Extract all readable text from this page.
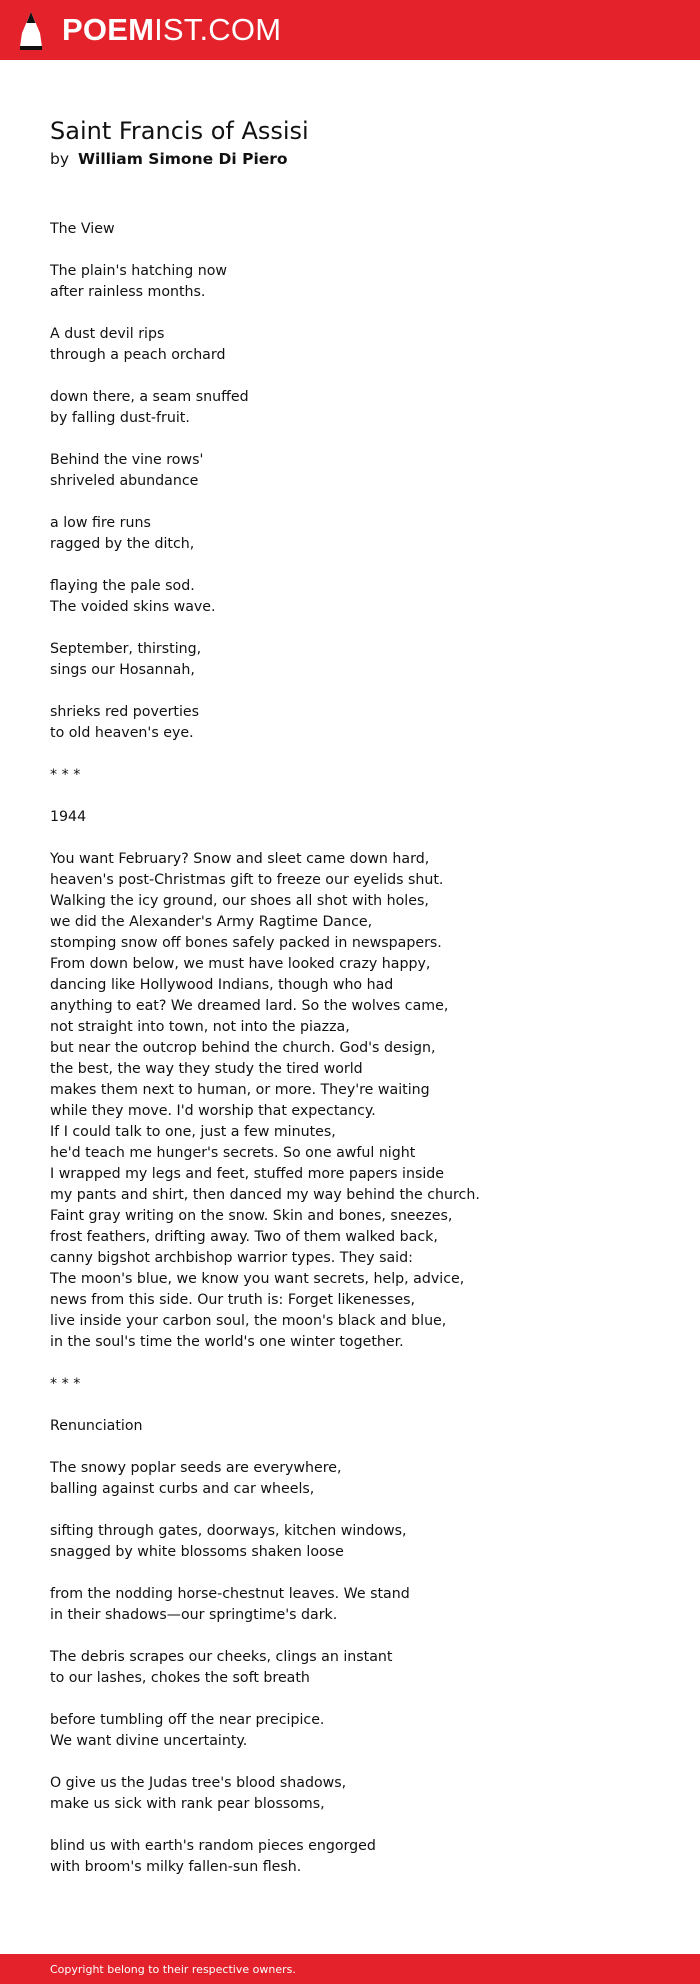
POEMIST.COM
Saint Francis of Assisi
by William Simone Di Piero
The View
The plain's hatching now
after rainless months.
A dust devil rips
through a peach orchard
down there, a seam snuffed
by falling dust-fruit.
Behind the vine rows'
shriveled abundance
a low fire runs
ragged by the ditch,
flaying the pale sod.
The voided skins wave.
September, thirsting,
sings our Hosannah,
shrieks red poverties
to old heaven's eye.
* * *
1944
You want February? Snow and sleet came down hard,
heaven's post-Christmas gift to freeze our eyelids shut.
Walking the icy ground, our shoes all shot with holes,
we did the Alexander's Army Ragtime Dance,
stomping snow off bones safely packed in newspapers.
From down below, we must have looked crazy happy,
dancing like Hollywood Indians, though who had
anything to eat? We dreamed lard. So the wolves came,
not straight into town, not into the piazza,
but near the outcrop behind the church. God's design,
the best, the way they study the tired world
makes them next to human, or more. They're waiting
while they move. I'd worship that expectancy.
If I could talk to one, just a few minutes,
he'd teach me hunger's secrets. So one awful night
I wrapped my legs and feet, stuffed more papers inside
my pants and shirt, then danced my way behind the church.
Faint gray writing on the snow. Skin and bones, sneezes,
frost feathers, drifting away. Two of them walked back,
canny bigshot archbishop warrior types. They said:
The moon's blue, we know you want secrets, help, advice,
news from this side. Our truth is: Forget likenesses,
live inside your carbon soul, the moon's black and blue,
in the soul's time the world's one winter together.
* * *
Renunciation
The snowy poplar seeds are everywhere,
balling against curbs and car wheels,
sifting through gates, doorways, kitchen windows,
snagged by white blossoms shaken loose
from the nodding horse-chestnut leaves. We stand
in their shadows—our springtime's dark.
The debris scrapes our cheeks, clings an instant
to our lashes, chokes the soft breath
before tumbling off the near precipice.
We want divine uncertainty.
O give us the Judas tree's blood shadows,
make us sick with rank pear blossoms,
blind us with earth's random pieces engorged
with broom's milky fallen-sun flesh.
Copyright belong to their respective owners.
